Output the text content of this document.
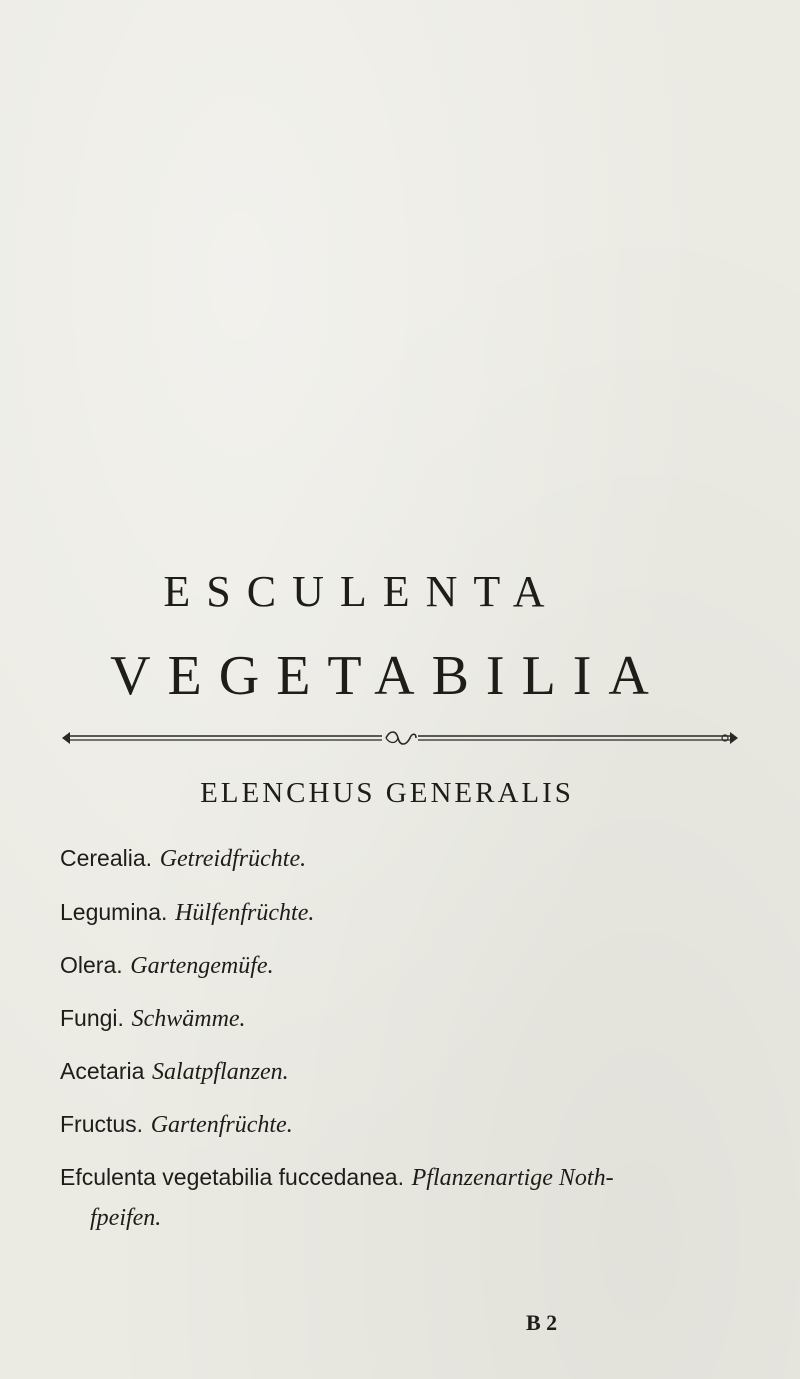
ESCULENTA
VEGETABILIA
ELENCHUS GENERALIS
Cerealia. Getreidfrüchte.
Legumina. Hülfenfrüchte.
Olera. Gartengemüfe.
Fungi. Schwämme.
Acetaria Salatpflanzen.
Fructus. Gartenfrüchte.
Efculenta vegetabilia fuccedanea. Pflanzenartige Noth-
fpeifen.
B 2
